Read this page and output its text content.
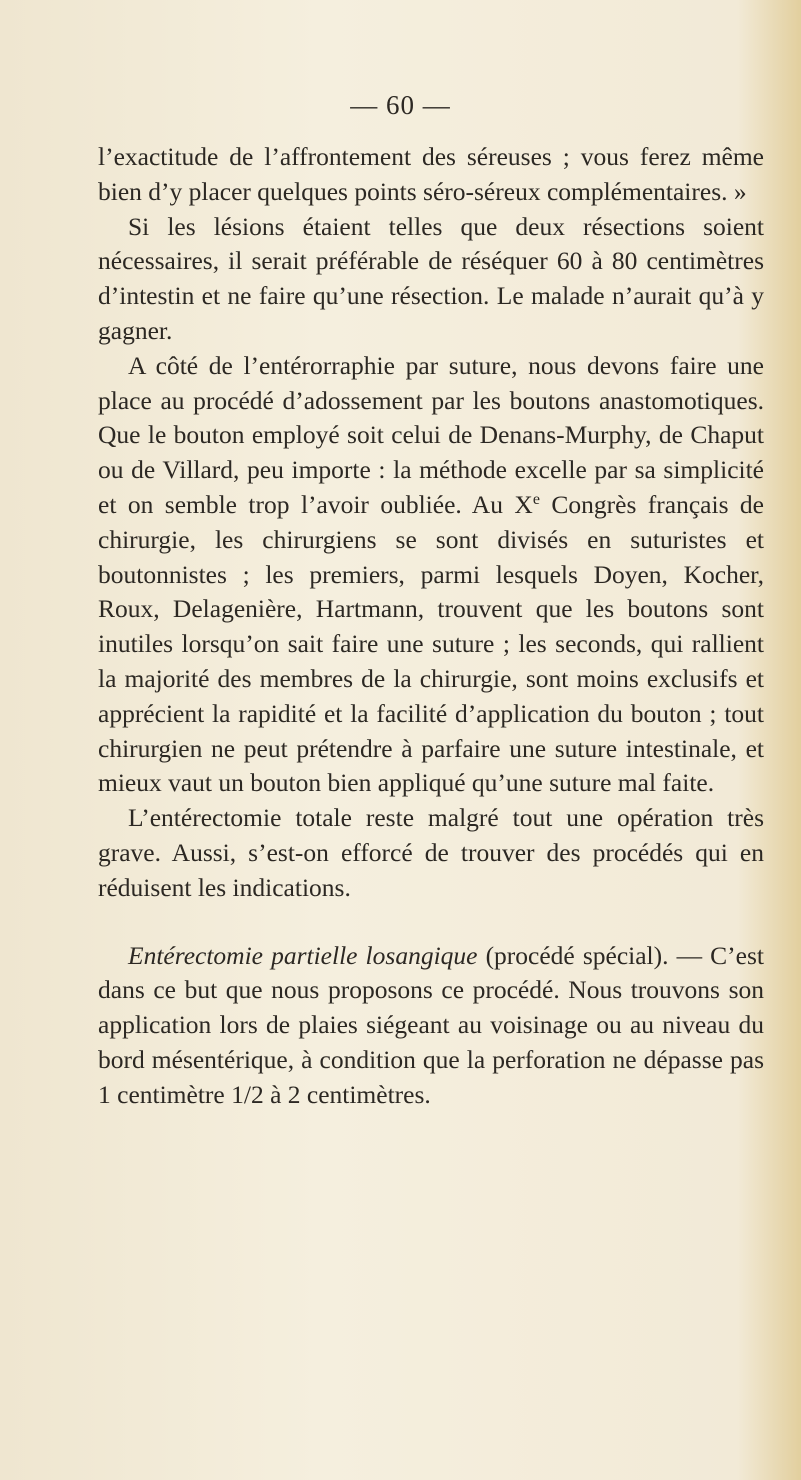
— 60 —

l’exactitude de l’affrontement des séreuses ; vous ferez même bien d’y placer quelques points séro-séreux complémentaires. »

Si les lésions étaient telles que deux résections soient nécessaires, il serait préférable de réséquer 60 à 80 centimètres d’intestin et ne faire qu’une résection. Le malade n’aurait qu’à y gagner.

A côté de l’entérorraphie par suture, nous devons faire une place au procédé d’adossement par les boutons anastomotiques. Que le bouton employé soit celui de Denans-Murphy, de Chaput ou de Villard, peu importe : la méthode excelle par sa simplicité et on semble trop l’avoir oubliée. Au Xe Congrès français de chirurgie, les chirurgiens se sont divisés en suturistes et boutonnistes ; les premiers, parmi lesquels Doyen, Kocher, Roux, Delagenière, Hartmann, trouvent que les boutons sont inutiles lorsqu’on sait faire une suture ; les seconds, qui rallient la majorité des membres de la chirurgie, sont moins exclusifs et apprécient la rapidité et la facilité d’application du bouton ; tout chirurgien ne peut prétendre à parfaire une suture intestinale, et mieux vaut un bouton bien appliqué qu’une suture mal faite.

L’entérectomie totale reste malgré tout une opération très grave. Aussi, s’est-on efforcé de trouver des procédés qui en réduisent les indications.

Entérectomie partielle losangique (procédé spécial). — C’est dans ce but que nous proposons ce procédé. Nous trouvons son application lors de plaies siégeant au voisinage ou au niveau du bord mésentérique, à condition que la perforation ne dépasse pas 1 centimètre 1/2 à 2 centimètres.
